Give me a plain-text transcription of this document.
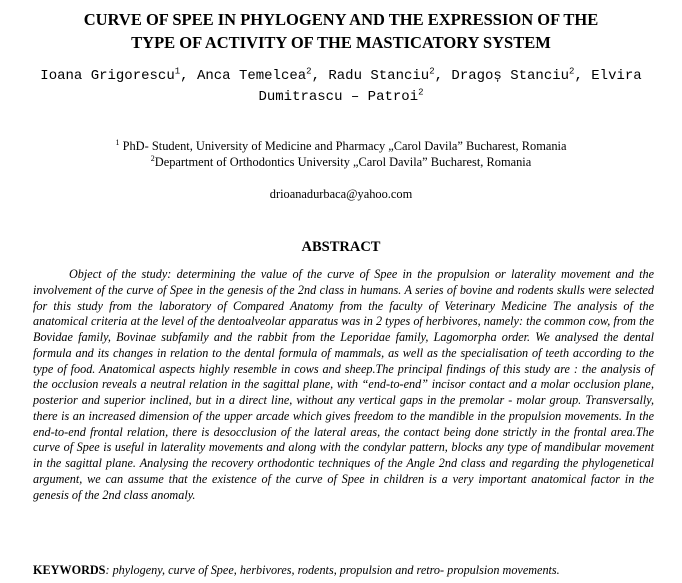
CURVE OF SPEE IN PHYLOGENY AND THE EXPRESSION OF THE
TYPE OF ACTIVITY OF THE MASTICATORY SYSTEM
Ioana Grigorescu$^1$, Anca Temelcea$^2$, Radu Stanciu$^2$, Dragoș Stanciu$^2$, Elvira Dumitrascu – Patroi$^2$
$^1$ PhD- Student, University of Medicine and Pharmacy „Carol Davila” Bucharest, Romania
$^2$Department of Orthodontics University „Carol Davila” Bucharest, Romania
drioanadurbaca@yahoo.com
ABSTRACT

Object of the study: determining the value of the curve of Spee in the propulsion or laterality movement and the involvement of the curve of Spee in the genesis of the 2nd class in humans. A series of bovine and rodents skulls were selected for this study from the laboratory of Compared Anatomy from the faculty of Veterinary Medicine The analysis of the anatomical criteria at the level of the dentoalveolar apparatus was in 2 types of herbivores, namely: the common cow, from the Bovidae family, Bovinae subfamily and the rabbit from the Leporidae family, Lagomorpha order. We analysed the dental formula and its changes in relation to the dental formula of mammals, as well as the specialisation of teeth according to the type of food. Anatomical aspects highly resemble in cows and sheep.The principal findings of this study are : the analysis of the occlusion reveals a neutral relation in the sagittal plane, with “end-to-end” incisor contact and a molar occlusion plane, posterior and superior inclined, but in a direct line, without any vertical gaps in the premolar - molar group. Transversally, there is an increased dimension of the upper arcade which gives freedom to the mandible in the propulsion movements. In the end-to-end frontal relation, there is desocclusion of the lateral areas, the contact being done strictly in the frontal area.The curve of Spee is useful in laterality movements and along with the condylar pattern, blocks any type of mandibular movement in the sagittal plane. Analysing the recovery orthodontic techniques of the Angle 2nd class and regarding the phylogenetical argument, we can assume that the existence of the curve of Spee in children is a very important anatomical factor in the genesis of the 2nd class anomaly.

KEYWORDS: phylogeny, curve of Spee, herbivores, rodents, propulsion and retro- propulsion movements.
